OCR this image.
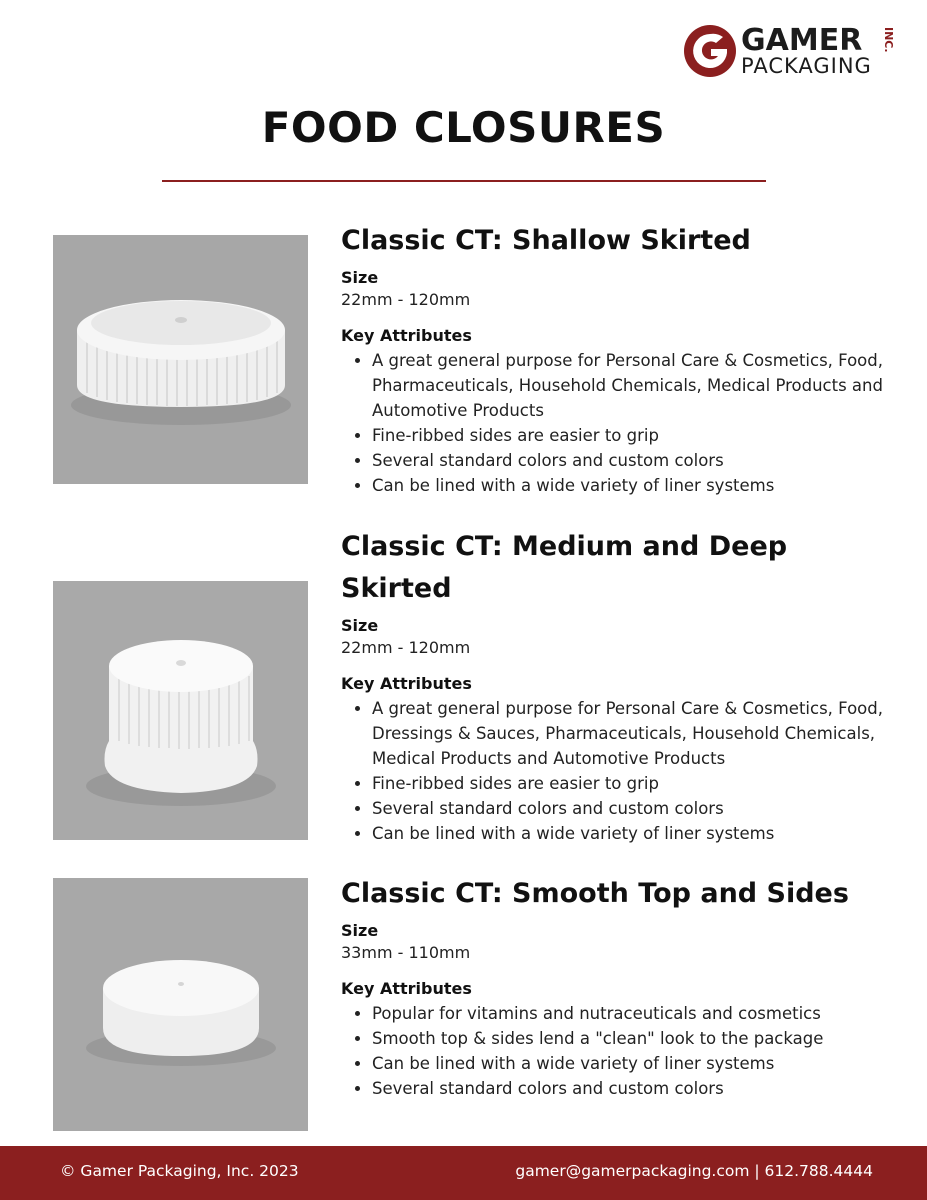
GAMER INC.
PACKAGING
FOOD CLOSURES
Classic CT: Shallow Skirted
Size
22mm - 120mm
Key Attributes
• A great general purpose for Personal Care & Cosmetics, Food, Pharmaceuticals, Household Chemicals, Medical Products and Automotive Products
• Fine-ribbed sides are easier to grip
• Several standard colors and custom colors
• Can be lined with a wide variety of liner systems
Classic CT: Medium and Deep Skirted
Size
22mm - 120mm
Key Attributes
• A great general purpose for Personal Care & Cosmetics, Food, Dressings & Sauces, Pharmaceuticals, Household Chemicals, Medical Products and Automotive Products
• Fine-ribbed sides are easier to grip
• Several standard colors and custom colors
• Can be lined with a wide variety of liner systems
Classic CT: Smooth Top and Sides
Size
33mm - 110mm
Key Attributes
• Popular for vitamins and nutraceuticals and cosmetics
• Smooth top & sides lend a "clean" look to the package
• Can be lined with a wide variety of liner systems
• Several standard colors and custom colors
© Gamer Packaging, Inc. 2023	gamer@gamerpackaging.com | 612.788.4444
